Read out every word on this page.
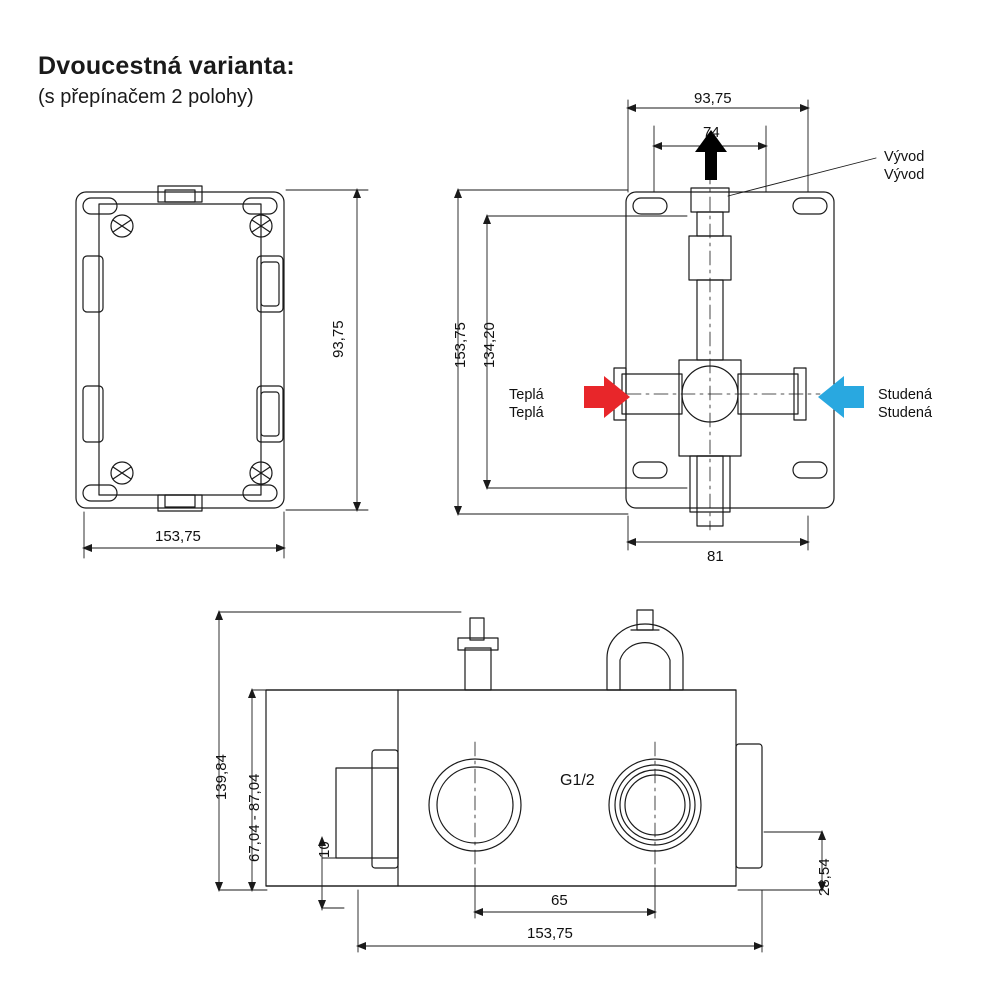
Dvoucestná varianta:
(s přepínačem 2 polohy)
93,75
153,75
93,75
74
153,75 134,20
81
Vývod
Vývod
Teplá
Teplá
Studená
Studená
139,84 67,04 - 87,04	10
28,54
65
153,75
G1/2
